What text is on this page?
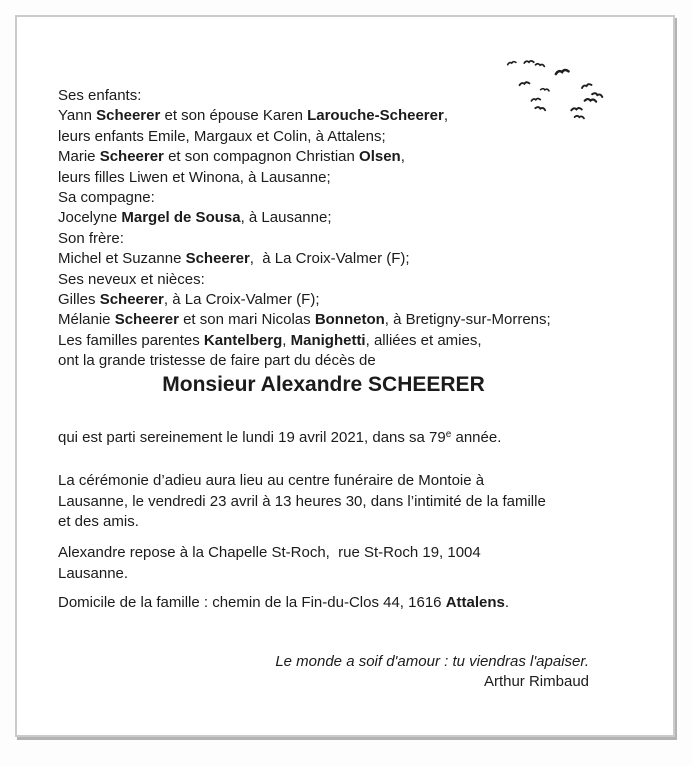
Ses enfants:
Yann Scheerer et son épouse Karen Larouche-Scheerer,
leurs enfants Emile, Margaux et Colin, à Attalens;
Marie Scheerer et son compagnon Christian Olsen,
leurs filles Liwen et Winona, à Lausanne;
Sa compagne:
Jocelyne Margel de Sousa, à Lausanne;
Son frère:
Michel et Suzanne Scheerer,  à La Croix-Valmer (F);
Ses neveux et nièces:
Gilles Scheerer, à La Croix-Valmer (F);
Mélanie Scheerer et son mari Nicolas Bonneton, à Bretigny-sur-Morrens;
Les familles parentes Kantelberg, Manighetti, alliées et amies,
ont la grande tristesse de faire part du décès de
Monsieur Alexandre SCHEERER
qui est parti sereinement le lundi 19 avril 2021, dans sa 79e année.
La cérémonie d’adieu aura lieu au centre funéraire de Montoie à
Lausanne, le vendredi 23 avril à 13 heures 30, dans l’intimité de la famille
et des amis.
Alexandre repose à la Chapelle St-Roch,  rue St-Roch 19, 1004
Lausanne.
Domicile de la famille : chemin de la Fin-du-Clos 44, 1616 Attalens.
Le monde a soif d'amour : tu viendras l'apaiser.
Arthur Rimbaud
